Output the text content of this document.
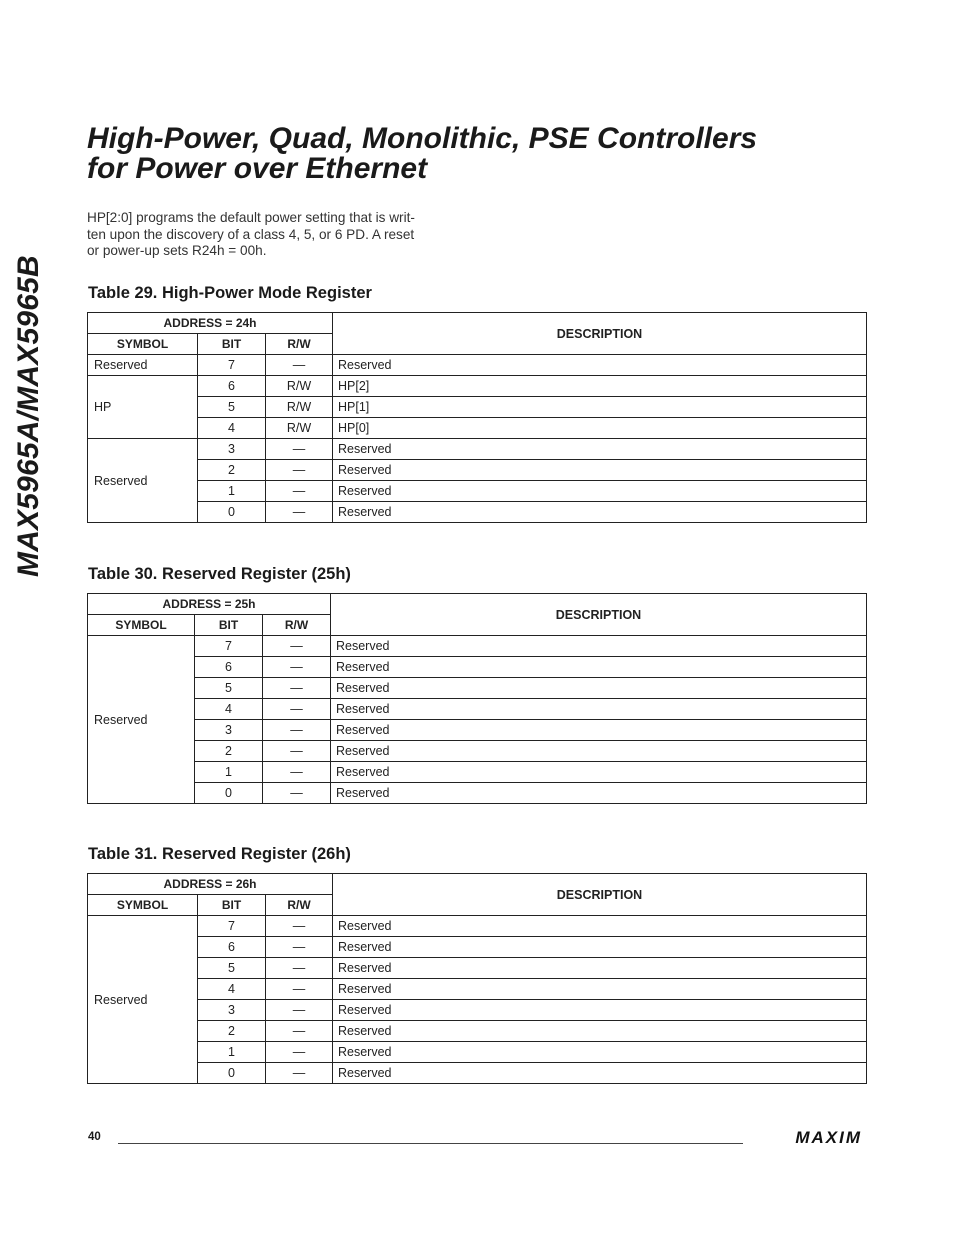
MAX5965A/MAX5965B
High-Power, Quad, Monolithic, PSE Controllers
for Power over Ethernet
HP[2:0] programs the default power setting that is writ-
ten upon the discovery of a class 4, 5, or 6 PD. A reset
or power-up sets R24h = 00h.
Table 29. High-Power Mode Register
ADDRESS = 24h			DESCRIPTION
SYMBOL	BIT	R/W	
Reserved	7	—	Reserved
HP	6	R/W	HP[2]
	5	R/W	HP[1]
	4	R/W	HP[0]
Reserved	3	—	Reserved
	2	—	Reserved
	1	—	Reserved
	0	—	Reserved
Table 30. Reserved Register (25h)
ADDRESS = 25h			DESCRIPTION
SYMBOL	BIT	R/W	
Reserved	7	—	Reserved
	6	—	Reserved
	5	—	Reserved
	4	—	Reserved
	3	—	Reserved
	2	—	Reserved
	1	—	Reserved
	0	—	Reserved
Table 31. Reserved Register (26h)
ADDRESS = 26h			DESCRIPTION
SYMBOL	BIT	R/W	
Reserved	7	—	Reserved
	6	—	Reserved
	5	—	Reserved
	4	—	Reserved
	3	—	Reserved
	2	—	Reserved
	1	—	Reserved
	0	—	Reserved
40	MAXIM
